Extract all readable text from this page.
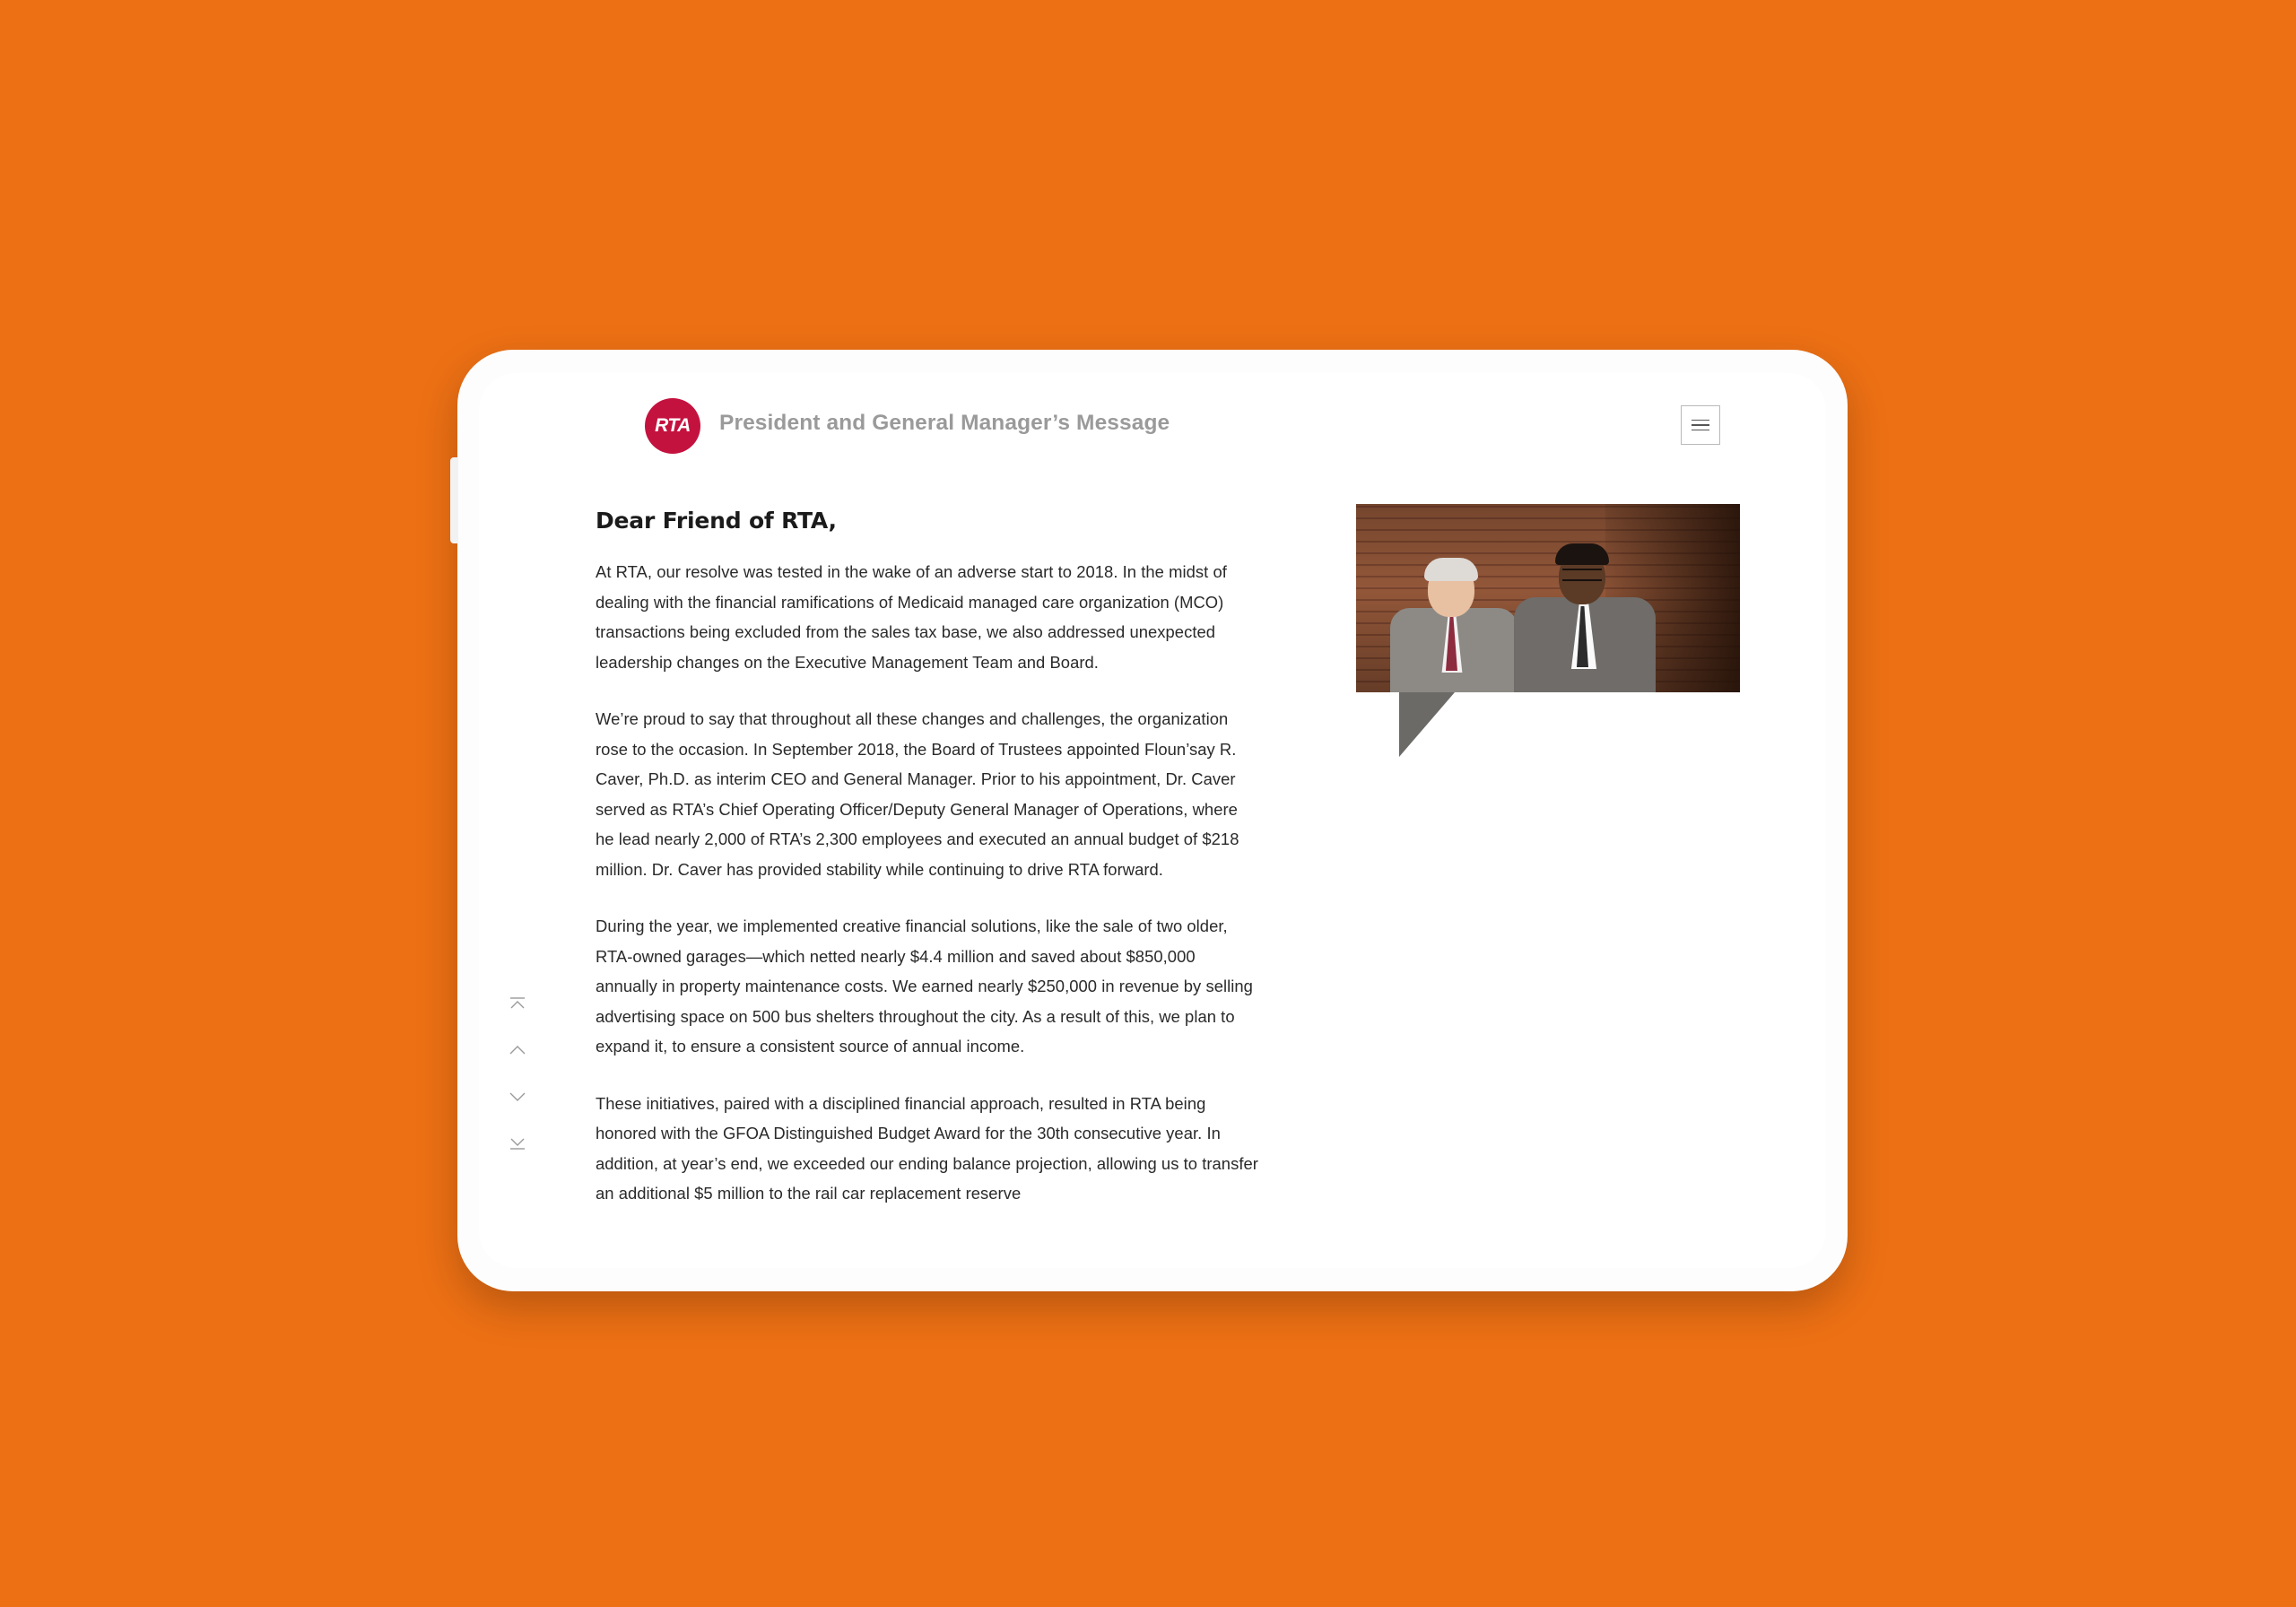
RTA	President and General Manager’s Message
Dear Friend of RTA,

At RTA, our resolve was tested in the wake of an adverse start to 2018. In the midst of dealing with the financial ramifications of Medicaid managed care organization (MCO) transactions being excluded from the sales tax base, we also addressed unexpected leadership changes on the Executive Management Team and Board.

We’re proud to say that throughout all these changes and challenges, the organization rose to the occasion. In September 2018, the Board of Trustees appointed Floun’say R. Caver, Ph.D. as interim CEO and General Manager. Prior to his appointment, Dr. Caver served as RTA’s Chief Operating Officer/Deputy General Manager of Operations, where he lead nearly 2,000 of RTA’s 2,300 employees and executed an annual budget of $218 million. Dr. Caver has provided stability while continuing to drive RTA forward.

During the year, we implemented creative financial solutions, like the sale of two older, RTA-owned garages—which netted nearly $4.4 million and saved about $850,000 annually in property maintenance costs. We earned nearly $250,000 in revenue by selling advertising space on 500 bus shelters throughout the city. As a result of this, we plan to expand it, to ensure a consistent source of annual income.

These initiatives, paired with a disciplined financial approach, resulted in RTA being honored with the GFOA Distinguished Budget Award for the 30th consecutive year. In addition, at year’s end, we exceeded our ending balance projection, allowing us to transfer an additional $5 million to the rail car replacement reserve
